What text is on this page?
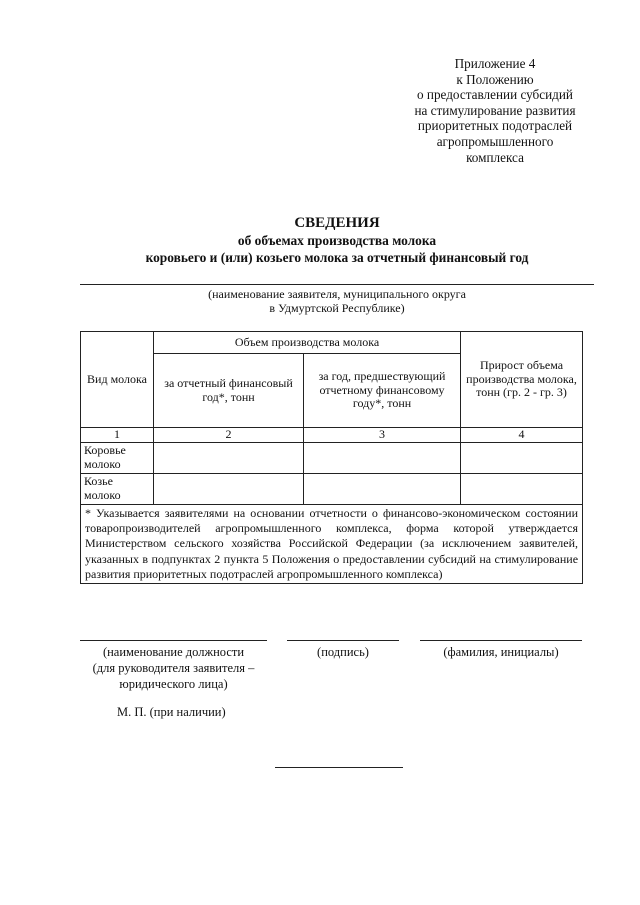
Приложение 4
к Положению
о предоставлении субсидий
на стимулирование развития
приоритетных подотраслей
агропромышленного
комплекса
СВЕДЕНИЯ
об объемах производства молока
коровьего и (или) козьего молока за отчетный финансовый год
(наименование заявителя, муниципального округа
в Удмуртской Республике)
Вид молока	Объем производства молока		Прирост объема производства молока, тонн (гр. 2 - гр. 3)
	за отчетный финансовый год*, тонн	за год, предшествующий отчетному финансовому году*, тонн	
1	2	3	4
Коровье молоко			
Козье молоко			
* Указывается заявителями на основании отчетности о финансово-экономическом состоянии товаропроизводителей агропромышленного комплекса, форма которой утверждается Министерством сельского хозяйства Российской Федерации (за исключением заявителей, указанных в подпунктах 2 пункта 5 Положения о предоставлении субсидий на стимулирование развития приоритетных подотраслей агропромышленного комплекса)			
(наименование должности
(для руководителя заявителя –
юридического лица)
(подпись)	(фамилия, инициалы)
М. П. (при наличии)
